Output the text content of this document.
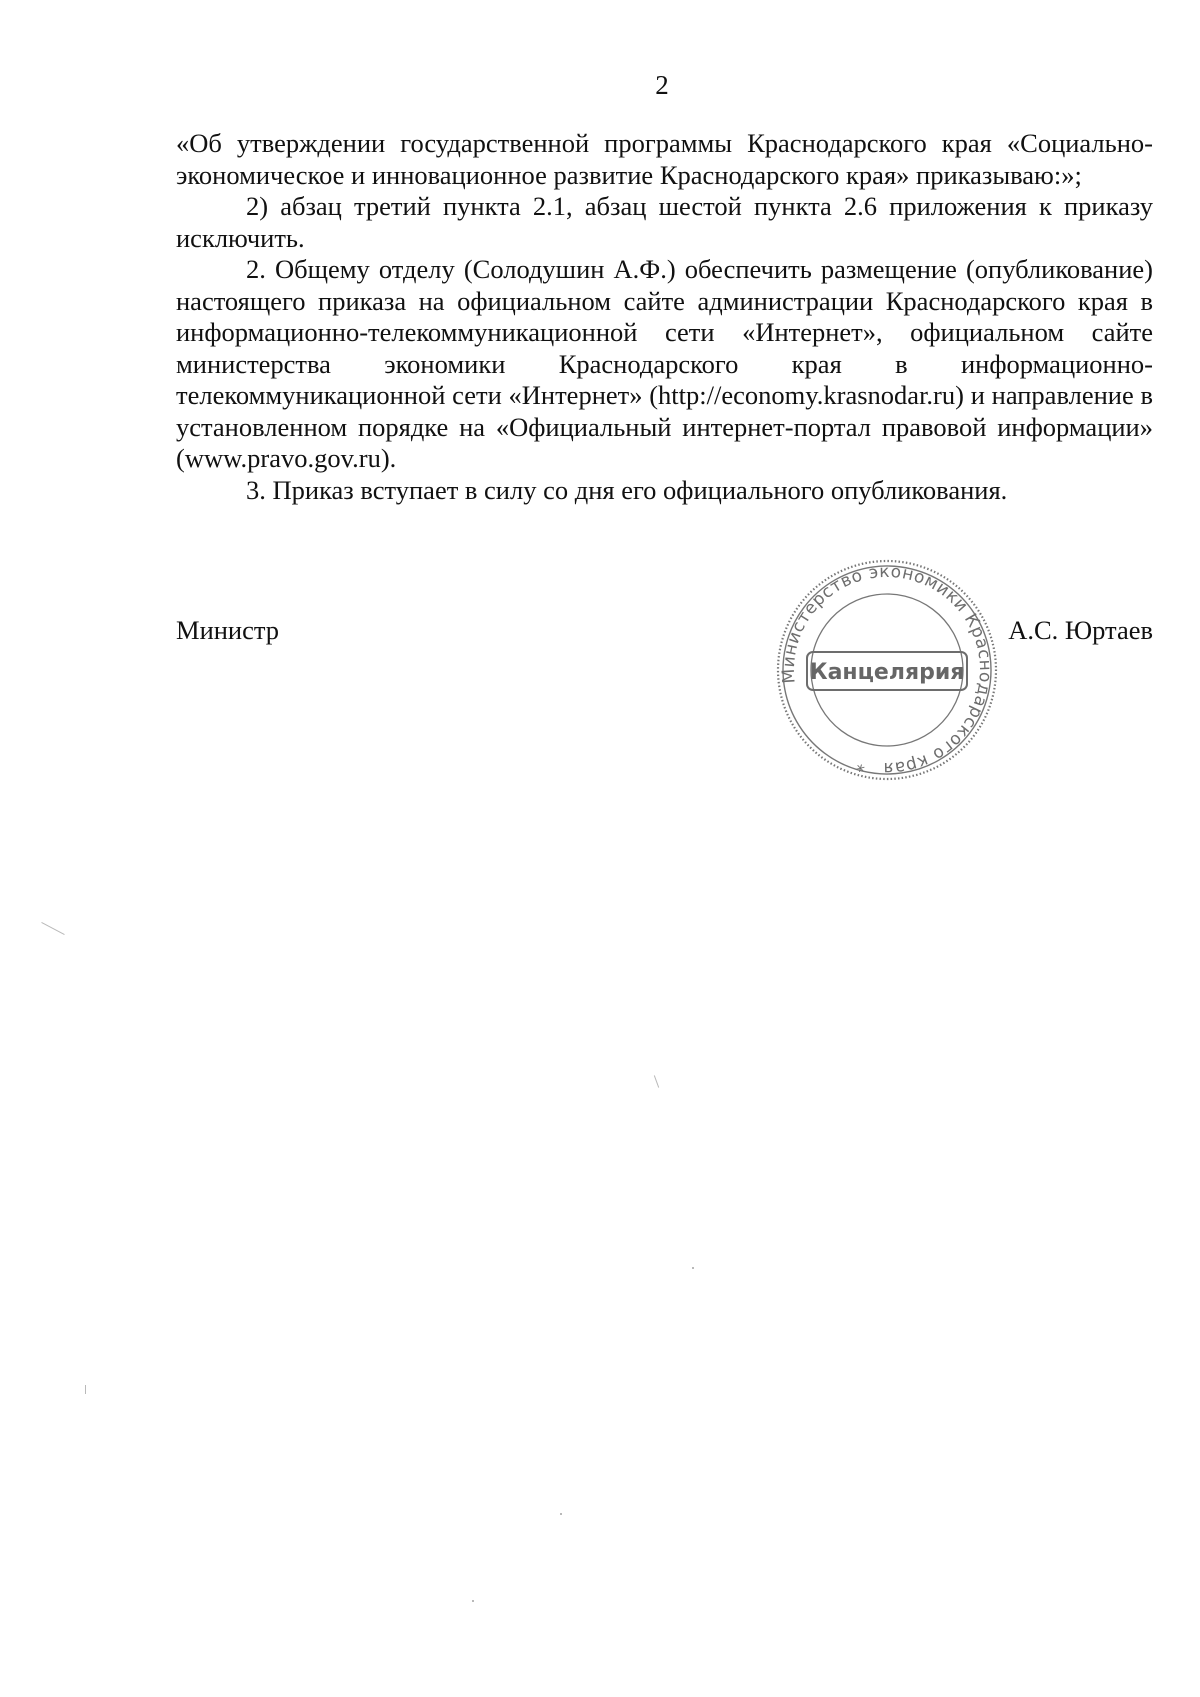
2

«Об утверждении государственной программы Краснодарского края «Социально-экономическое и инновационное развитие Краснодарского края» приказываю:»;

2) абзац третий пункта 2.1, абзац шестой пункта 2.6 приложения к приказу исключить.

2. Общему отделу (Солодушин А.Ф.) обеспечить размещение (опубликование) настоящего приказа на официальном сайте администрации Краснодарского края в информационно-телекоммуникационной сети «Интернет», официальном сайте министерства экономики Краснодарского края в информационно-телекоммуникационной сети «Интернет» (http://economy.krasnodar.ru) и направление в установленном порядке на «Официальный интернет-портал правовой информации» (www.pravo.gov.ru).

3. Приказ вступает в силу со дня его официального опубликования.

Министр	А.С. Юртаев
Министерство экономики Краснодарского края *
Канцелярия
